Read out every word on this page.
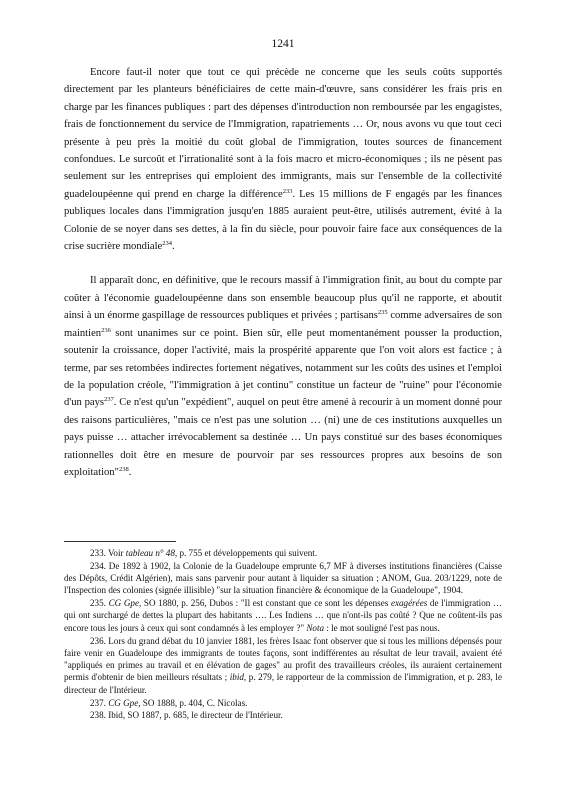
1241

Encore faut-il noter que tout ce qui précède ne concerne que les seuls coûts supportés directement par les planteurs bénéficiaires de cette main-d'œuvre, sans considérer les frais pris en charge par les finances publiques : part des dépenses d'introduction non remboursée par les engagistes, frais de fonctionnement du service de l'Immigration, rapatriements … Or, nous avons vu que tout ceci présente à peu près la moitié du coût global de l'immigration, toutes sources de financement confondues. Le surcoût et l'irrationalité sont à la fois macro et micro-économiques ; ils ne pèsent pas seulement sur les entreprises qui emploient des immigrants, mais sur l'ensemble de la collectivité guadeloupéenne qui prend en charge la différence$^{233}$. Les 15 millions de F engagés par les finances publiques locales dans l'immigration jusqu'en 1885 auraient peut-être, utilisés autrement, évité à la Colonie de se noyer dans ses dettes, à la fin du siècle, pour pouvoir faire face aux conséquences de la crise sucrière mondiale$^{234}$.

Il apparaît donc, en définitive, que le recours massif à l'immigration finit, au bout du compte par coûter à l'économie guadeloupéenne dans son ensemble beaucoup plus qu'il ne rapporte, et aboutit ainsi à un énorme gaspillage de ressources publiques et privées ; partisans$^{235}$ comme adversaires de son maintien$^{236}$ sont unanimes sur ce point. Bien sûr, elle peut momentanément pousser la production, soutenir la croissance, doper l'activité, mais la prospérité apparente que l'on voit alors est factice ; à terme, par ses retombées indirectes fortement négatives, notamment sur les coûts des usines et l'emploi de la population créole, "l'immigration à jet continu" constitue un facteur de "ruine" pour l'économie d'un pays$^{237}$. Ce n'est qu'un "expédient", auquel on peut être amené à recourir à un moment donné pour des raisons particulières, "mais ce n'est pas une solution … (ni) une de ces institutions auxquelles un pays puisse … attacher irrévocablement sa destinée … Un pays constitué sur des bases économiques rationnelles doit être en mesure de pourvoir par ses ressources propres aux besoins de son exploitation"$^{238}$.

233. Voir tableau n° 48, p. 755 et développements qui suivent.

234. De 1892 à 1902, la Colonie de la Guadeloupe emprunte 6,7 MF à diverses institutions financières (Caisse des Dépôts, Crédit Algérien), mais sans parvenir pour autant à liquider sa situation ; ANOM, Gua. 203/1229, note de l'Inspection des colonies (signée illisible) "sur la situation financière & économique de la Guadeloupe", 1904.

235. CG Gpe, SO 1880, p. 256, Dubos : "Il est constant que ce sont les dépenses exagérées de l'immigration … qui ont surchargé de dettes la plupart des habitants …. Les Indiens … que n'ont-ils pas coûté ? Que ne coûtent-ils pas encore tous les jours à ceux qui sont condamnés à les employer ?" Nota : le mot souligné l'est pas nous.

236. Lors du grand débat du 10 janvier 1881, les frères Isaac font observer que si tous les millions dépensés pour faire venir en Guadeloupe des immigrants de toutes façons, sont indifférentes au résultat de leur travail, avaient été "appliqués en primes au travail et en élévation de gages" au profit des travailleurs créoles, ils auraient certainement permis d'obtenir de bien meilleurs résultats ; ibid, p. 279, le rapporteur de la commission de l'immigration, et p. 283, le directeur de l'Intérieur.

237. CG Gpe, SO 1888, p. 404, C. Nicolas.

238. Ibid, SO 1887, p. 685, le directeur de l'Intérieur.
